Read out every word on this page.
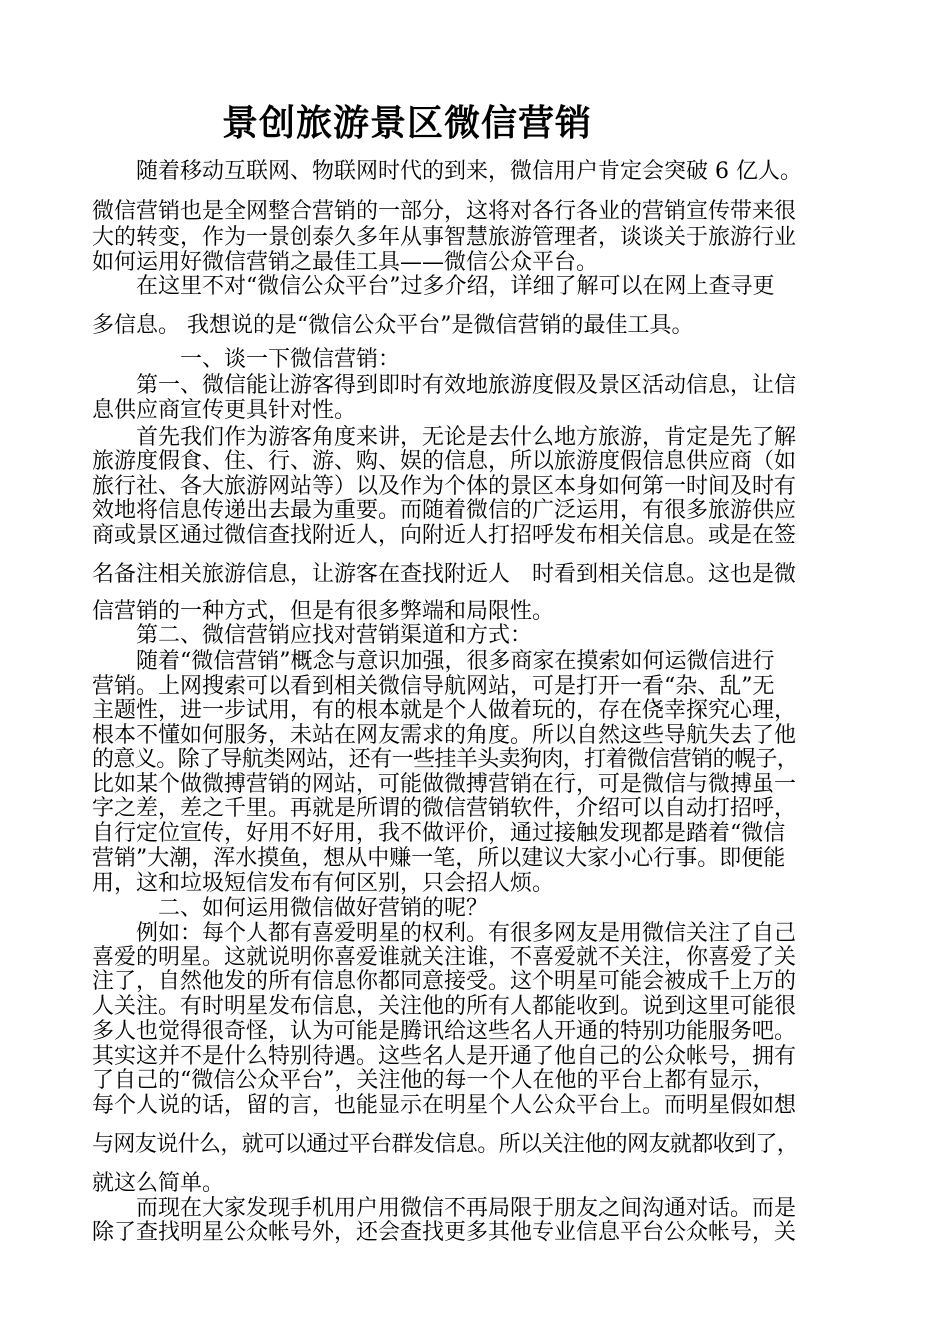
景创旅游景区微信营销

　　随着移动互联网、物联网时代的到来，微信用户肯定会突破 6 亿人。

微信营销也是全网整合营销的一部分，这将对各行各业的营销宣传带来很

大的转变，作为一景创泰久多年从事智慧旅游管理者，谈谈关于旅游行业

如何运用好微信营销之最佳工具——微信公众平台。

　　在这里不对“微信公众平台”过多介绍，详细了解可以在网上查寻更

多信息。 我想说的是“微信公众平台”是微信营销的最佳工具。

　　　　一、谈一下微信营销：

　　第一、微信能让游客得到即时有效地旅游度假及景区活动信息，让信

息供应商宣传更具针对性。

　　首先我们作为游客角度来讲，无论是去什么地方旅游，肯定是先了解

旅游度假食、住、行、游、购、娱的信息，所以旅游度假信息供应商（如

旅行社、各大旅游网站等）以及作为个体的景区本身如何第一时间及时有

效地将信息传递出去最为重要。而随着微信的广泛运用，有很多旅游供应

商或景区通过微信查找附近人，向附近人打招呼发布相关信息。或是在签

名备注相关旅游信息，让游客在查找附近人　时看到相关信息。这也是微

信营销的一种方式，但是有很多弊端和局限性。

　　第二、微信营销应找对营销渠道和方式：

　　随着“微信营销”概念与意识加强，很多商家在摸索如何运微信进行

营销。上网搜索可以看到相关微信导航网站，可是打开一看“杂、乱”无

主题性，进一步试用，有的根本就是个人做着玩的，存在侥幸探究心理，

根本不懂如何服务，未站在网友需求的角度。所以自然这些导航失去了他

的意义。除了导航类网站，还有一些挂羊头卖狗肉，打着微信营销的幌子，

比如某个做微搏营销的网站，可能做微搏营销在行，可是微信与微搏虽一

字之差，差之千里。再就是所谓的微信营销软件，介绍可以自动打招呼，

自行定位宣传，好用不好用，我不做评价，通过接触发现都是踏着“微信

营销”大潮，浑水摸鱼，想从中赚一笔，所以建议大家小心行事。即便能

用，这和垃圾短信发布有何区别，只会招人烦。

　　　二、如何运用微信做好营销的呢？

　　例如：每个人都有喜爱明星的权利。有很多网友是用微信关注了自己

喜爱的明星。这就说明你喜爱谁就关注谁，不喜爱就不关注，你喜爱了关

注了，自然他发的所有信息你都同意接受。这个明星可能会被成千上万的

人关注。有时明星发布信息，关注他的所有人都能收到。说到这里可能很

多人也觉得很奇怪，认为可能是腾讯给这些名人开通的特别功能服务吧。

其实这并不是什么特别待遇。这些名人是开通了他自己的公众帐号，拥有

了自己的“微信公众平台”，关注他的每一个人在他的平台上都有显示，

每个人说的话，留的言，也能显示在明星个人公众平台上。而明星假如想

与网友说什么，就可以通过平台群发信息。所以关注他的网友就都收到了，

就这么简单。

　　而现在大家发现手机用户用微信不再局限于朋友之间沟通对话。而是

除了查找明星公众帐号外，还会查找更多其他专业信息平台公众帐号，关
